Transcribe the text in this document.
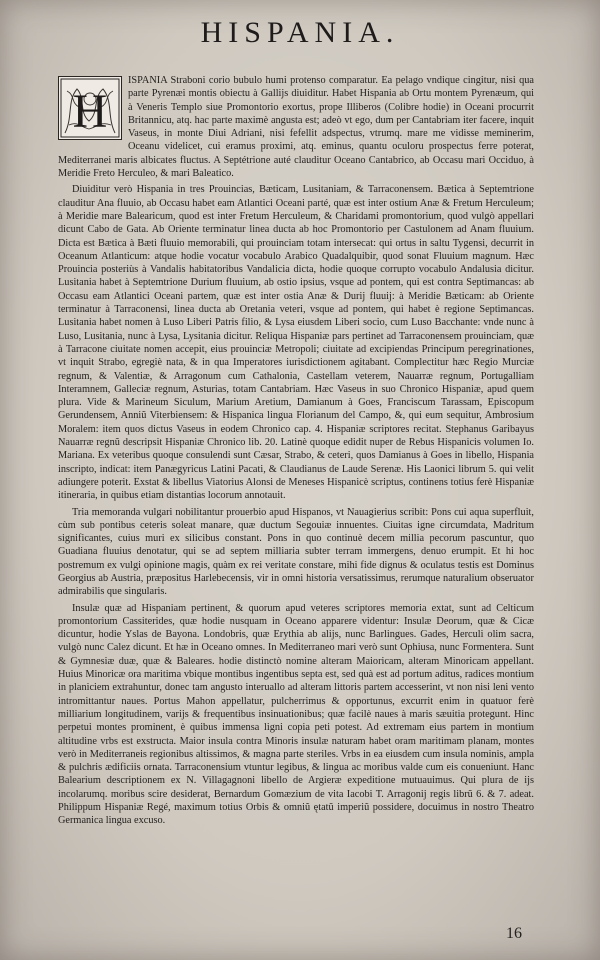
HISPANIA.

H
ISPANIA Straboni corio bubulo humi protenso comparatur. Ea pelago vndique cingitur, nisi qua parte Pyrenæi montis obiectu à Gallijs diuiditur. Habet Hispania ab Ortu montem Pyrenæum, qui à Veneris Templo siue Promontorio exortus, prope Illiberos (Colibre hodie) in Oceani procurrit Britannicu, atq. hac parte maximè angusta est; adeò vt ego, dum per Cantabriam iter facere, inquit Vaseus, in monte Diui Adriani, nisi fefellit adspectus, vtrumq. mare me vidisse meminerim, Oceanu videlicet, cui eramus proximi, atq. eminus, quantu oculoru prospectus ferre poterat, Mediterranei maris albicates fluctus. A Septétrione auté clauditur Oceano Cantabrico, ab Occasu mari Occiduo, à Meridie Freto Herculeo, & mari Baleatico.

Diuiditur verò Hispania in tres Prouincias, Bæticam, Lusitaniam, & Tarraconensem. Bætica à Septemtrione clauditur Ana fluuio, ab Occasu habet eam Atlantici Oceani parté, quæ est inter ostium Anæ & Fretum Herculeum; à Meridie mare Balearicum, quod est inter Fretum Herculeum, & Charidami promontorium, quod vulgò appellari dicunt Cabo de Gata. Ab Oriente terminatur linea ducta ab hoc Promontorio per Castulonem ad Anam fluuium. Dicta est Bætica à Bæti fluuio memorabili, qui prouinciam totam intersecat: qui ortus in saltu Tygensi, decurrit in Oceanum Atlanticum: atque hodie vocatur vocabulo Arabico Quadalquibir, quod sonat Fluuium magnum. Hæc Prouincia posteriùs à Vandalis habitatoribus Vandalicia dicta, hodie quoque corrupto vocabulo Andalusia dicitur. Lusitania habet à Septemtrione Durium fluuium, ab ostio ipsius, vsque ad pontem, qui est contra Septimancas: ab Occasu eam Atlantici Oceani partem, quæ est inter ostia Anæ & Durij fluuij: à Meridie Bæticam: ab Oriente terminatur à Tarraconensi, linea ducta ab Oretania veteri, vsque ad pontem, qui habet è regione Septimancas. Lusitania habet nomen à Luso Liberi Patris filio, & Lysa eiusdem Liberi socio, cum Luso Bacchante: vnde nunc à Luso, Lusitania, nunc à Lysa, Lysitania dicitur. Reliqua Hispaniæ pars pertinet ad Tarraconensem prouinciam, quæ à Tarracone ciuitate nomen accepit, eius prouinciæ Metropoli; ciuitate ad excipiendas Principum peregrinationes, vt inquit Strabo, egregiè nata, & in qua Imperatores iurisdictionem agitabant. Complectitur hæc Regio Murciæ regnum, & Valentiæ, & Arragonum cum Cathalonia, Castellam veterem, Nauarræ regnum, Portugalliam Interamnem, Galleciæ regnum, Asturias, totam Cantabriam. Hæc Vaseus in suo Chronico Hispaniæ, apud quem plura. Vide & Marineum Siculum, Marium Aretium, Damianum à Goes, Franciscum Tarassam, Episcopum Gerundensem, Anniũ Viterbiensem: & Hispanica lingua Florianum del Campo, &, qui eum sequitur, Ambrosium Moralem: item quos dictus Vaseus in eodem Chronico cap. 4. Hispaniæ scriptores recitat. Stephanus Garibayus Nauarræ regnũ descripsit Hispaniæ Chronico lib. 20. Latinè quoque edidit nuper de Rebus Hispanicis volumen Io. Mariana. Ex veteribus quoque consulendi sunt Cæsar, Strabo, & ceteri, quos Damianus à Goes in libello, Hispania inscripto, indicat: item Panægyricus Latini Pacati, & Claudianus de Laude Serenæ. His Laonici librum 5. qui velit adiungere poterit. Exstat & libellus Viatorius Alonsi de Meneses Hispanicè scriptus, continens totius ferè Hispaniæ itineraria, in quibus etiam distantias locorum annotauit.

Tria memoranda vulgari nobilitantur prouerbio apud Hispanos, vt Nauagierius scribit: Pons cui aqua superfluit, cùm sub pontibus ceteris soleat manare, quæ ductum Segouiæ innuentes. Ciuitas igne circumdata, Madritum significantes, cuius muri ex silicibus constant. Pons in quo continuè decem millia pecorum pascuntur, quo Guadiana fluuius denotatur, qui se ad septem milliaria subter terram immergens, denuo erumpit. Et hi hoc postremum ex vulgi opinione magis, quàm ex rei veritate constare, mihi fide dignus & oculatus testis est Dominus Georgius ab Austria, præpositus Harlebecensis, vir in omni historia versatissimus, rerumque naturalium obseruator admirabilis que singularis.

Insulæ quæ ad Hispaniam pertinent, & quorum apud veteres scriptores memoria extat, sunt ad Celticum promontorium Cassiterides, quæ hodie nusquam in Oceano apparere videntur: Insulæ Deorum, quæ & Cicæ dicuntur, hodie Yslas de Bayona. Londobris, quæ Erythia ab alijs, nunc Barlingues. Gades, Herculi olim sacra, vulgò nunc Calez dicunt. Et hæ in Oceano omnes. In Mediterraneo mari verò sunt Ophiusa, nunc Formentera. Sunt & Gymnesiæ duæ, quæ & Baleares. hodie distinctò nomine alteram Maioricam, alteram Minoricam appellant. Huius Minoricæ ora maritima vbique montibus ingentibus septa est, sed quà est ad portum aditus, radices montium in planiciem extrahuntur, donec tam angusto interuallo ad alteram littoris partem accesserint, vt non nisi leni vento intromittantur naues. Portus Mahon appellatur, pulcherrimus & opportunus, excurrit enim in quatuor ferè milliarium longitudinem, varijs & frequentibus insinuationibus; quæ facilè naues à maris sæuitia protegunt. Hinc perpetui montes prominent, è quibus immensa ligni copia peti potest. Ad extremam eius partem in montium altitudine vrbs est exstructa. Maior insula contra Minoris insulæ naturam habet oram maritimam planam, montes verò in Mediterraneis regionibus altissimos, & magna parte steriles. Vrbs in ea eiusdem cum insula nominis, ampla & pulchris ædificiis ornata. Tarraconensium vtuntur legibus, & lingua ac moribus valde cum eis conueniunt. Hanc Balearium descriptionem ex N. Villagagnoni libello de Argieræ expeditione mutuauimus. Qui plura de ijs incolarumq. moribus scire desiderat, Bernardum Gomæzium de vita Iacobi T. Arragonij regis librũ 6. & 7. adeat. Philippum Hispaniæ Regé, maximum totius Orbis & omniũ ętatũ imperiũ possidere, docuimus in nostro Theatro Germanica lingua excuso.

16
